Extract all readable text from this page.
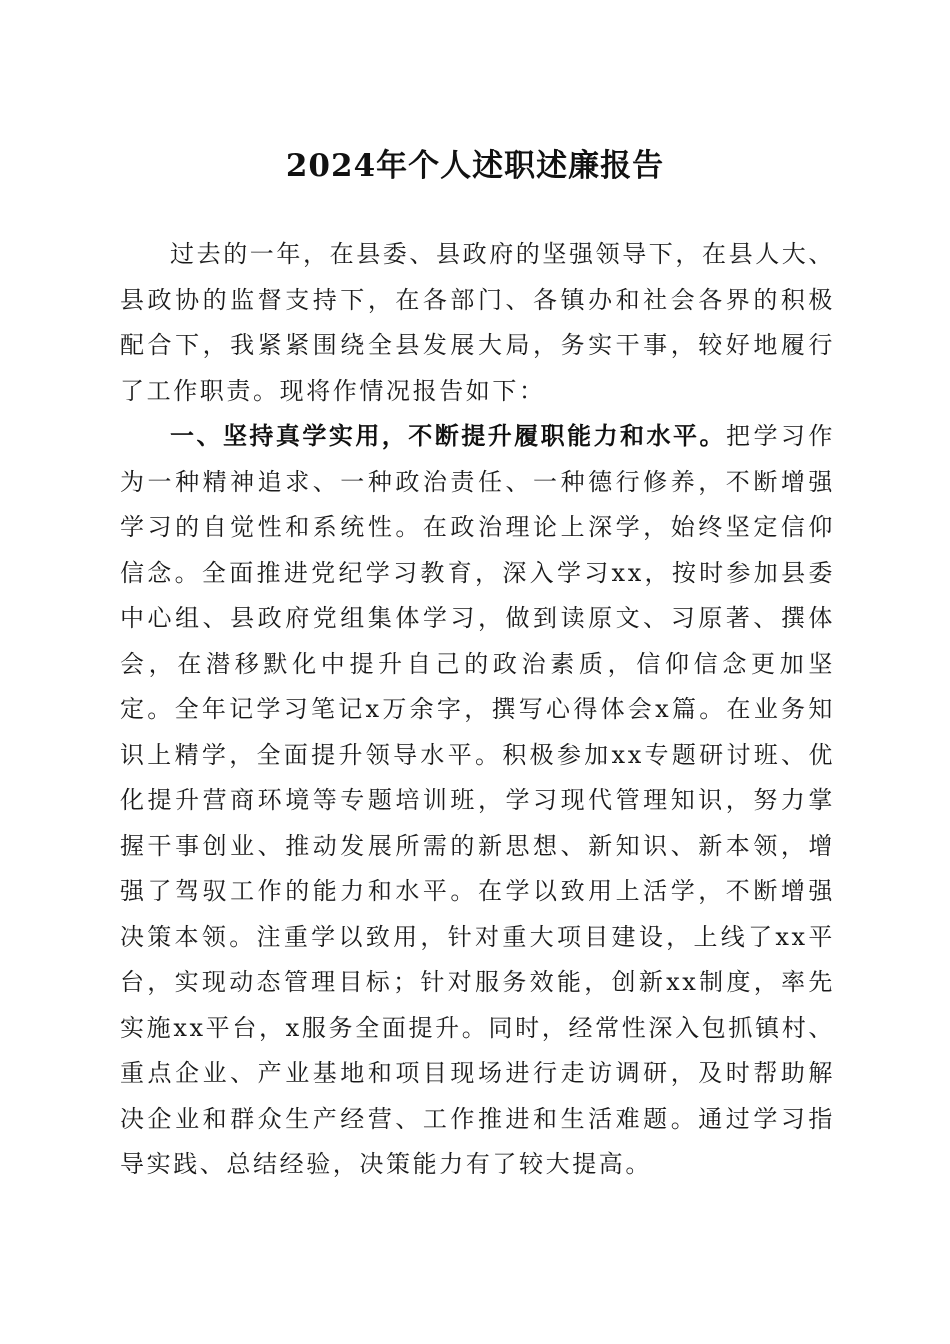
2024年个人述职述廉报告

过去的一年，在县委、县政府的坚强领导下，在县人大、县政协的监督支持下，在各部门、各镇办和社会各界的积极配合下，我紧紧围绕全县发展大局，务实干事，较好地履行了工作职责。现将作情况报告如下：

一、坚持真学实用，不断提升履职能力和水平。把学习作为一种精神追求、一种政治责任、一种德行修养，不断增强学习的自觉性和系统性。在政治理论上深学，始终坚定信仰信念。全面推进党纪学习教育，深入学习xx，按时参加县委中心组、县政府党组集体学习，做到读原文、习原著、撰体会，在潜移默化中提升自己的政治素质，信仰信念更加坚定。全年记学习笔记x万余字，撰写心得体会x篇。在业务知识上精学，全面提升领导水平。积极参加xx专题研讨班、优化提升营商环境等专题培训班，学习现代管理知识，努力掌握干事创业、推动发展所需的新思想、新知识、新本领，增强了驾驭工作的能力和水平。在学以致用上活学，不断增强决策本领。注重学以致用，针对重大项目建设，上线了xx平台，实现动态管理目标；针对服务效能，创新xx制度，率先实施xx平台，x服务全面提升。同时，经常性深入包抓镇村、重点企业、产业基地和项目现场进行走访调研，及时帮助解决企业和群众生产经营、工作推进和生活难题。通过学习指导实践、总结经验，决策能力有了较大提高。
